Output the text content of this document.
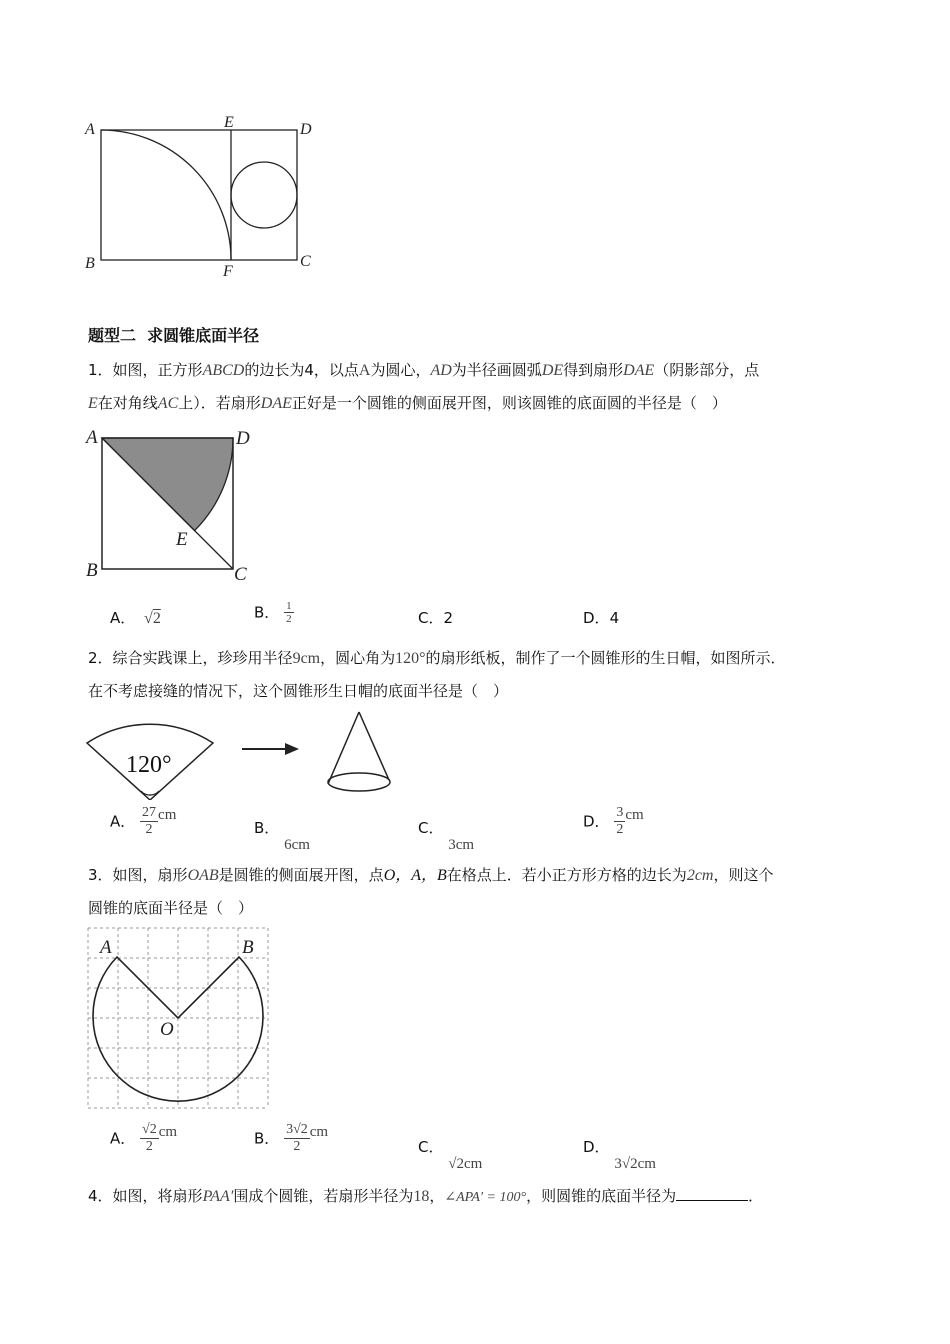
A
B
E
F
D
C
题型二  求圆锥底面半径
1．如图，正方形ABCD的边长为4，以点A为圆心，AD为半径画圆弧DE得到扇形DAE（阴影部分，点
E在对角线AC上）．若扇形DAE正好是一个圆锥的侧面展开图，则该圆锥的底面圆的半径是（　）
A	D
B	C
E
A． √2	B． $\frac{1}{2}$	C．2	D．4
2．综合实践课上，珍珍用半径9cm，圆心角为120°的扇形纸板，制作了一个圆锥形的生日帽，如图所示．
在不考虑接缝的情况下，这个圆锥形生日帽的底面半径是（　）
120°
A． $\frac{27}{2}$ cm
B． 6cm
C． 3cm
D． $\frac{3}{2}$ cm
3．如图，扇形OAB是圆锥的侧面展开图，点O，A，B在格点上．若小正方形方格的边长为2cm，则这个
圆锥的底面半径是（　）
A	B
O
A． $\frac{√2}{2}$ cm	B． $\frac{3√2}{2}$ cm
C． √2cm
D． 3√2cm
4．如图，将扇形PAA′围成个圆锥，若扇形半径为18，∠APA′ = 100°，则圆锥的底面半径为	．
